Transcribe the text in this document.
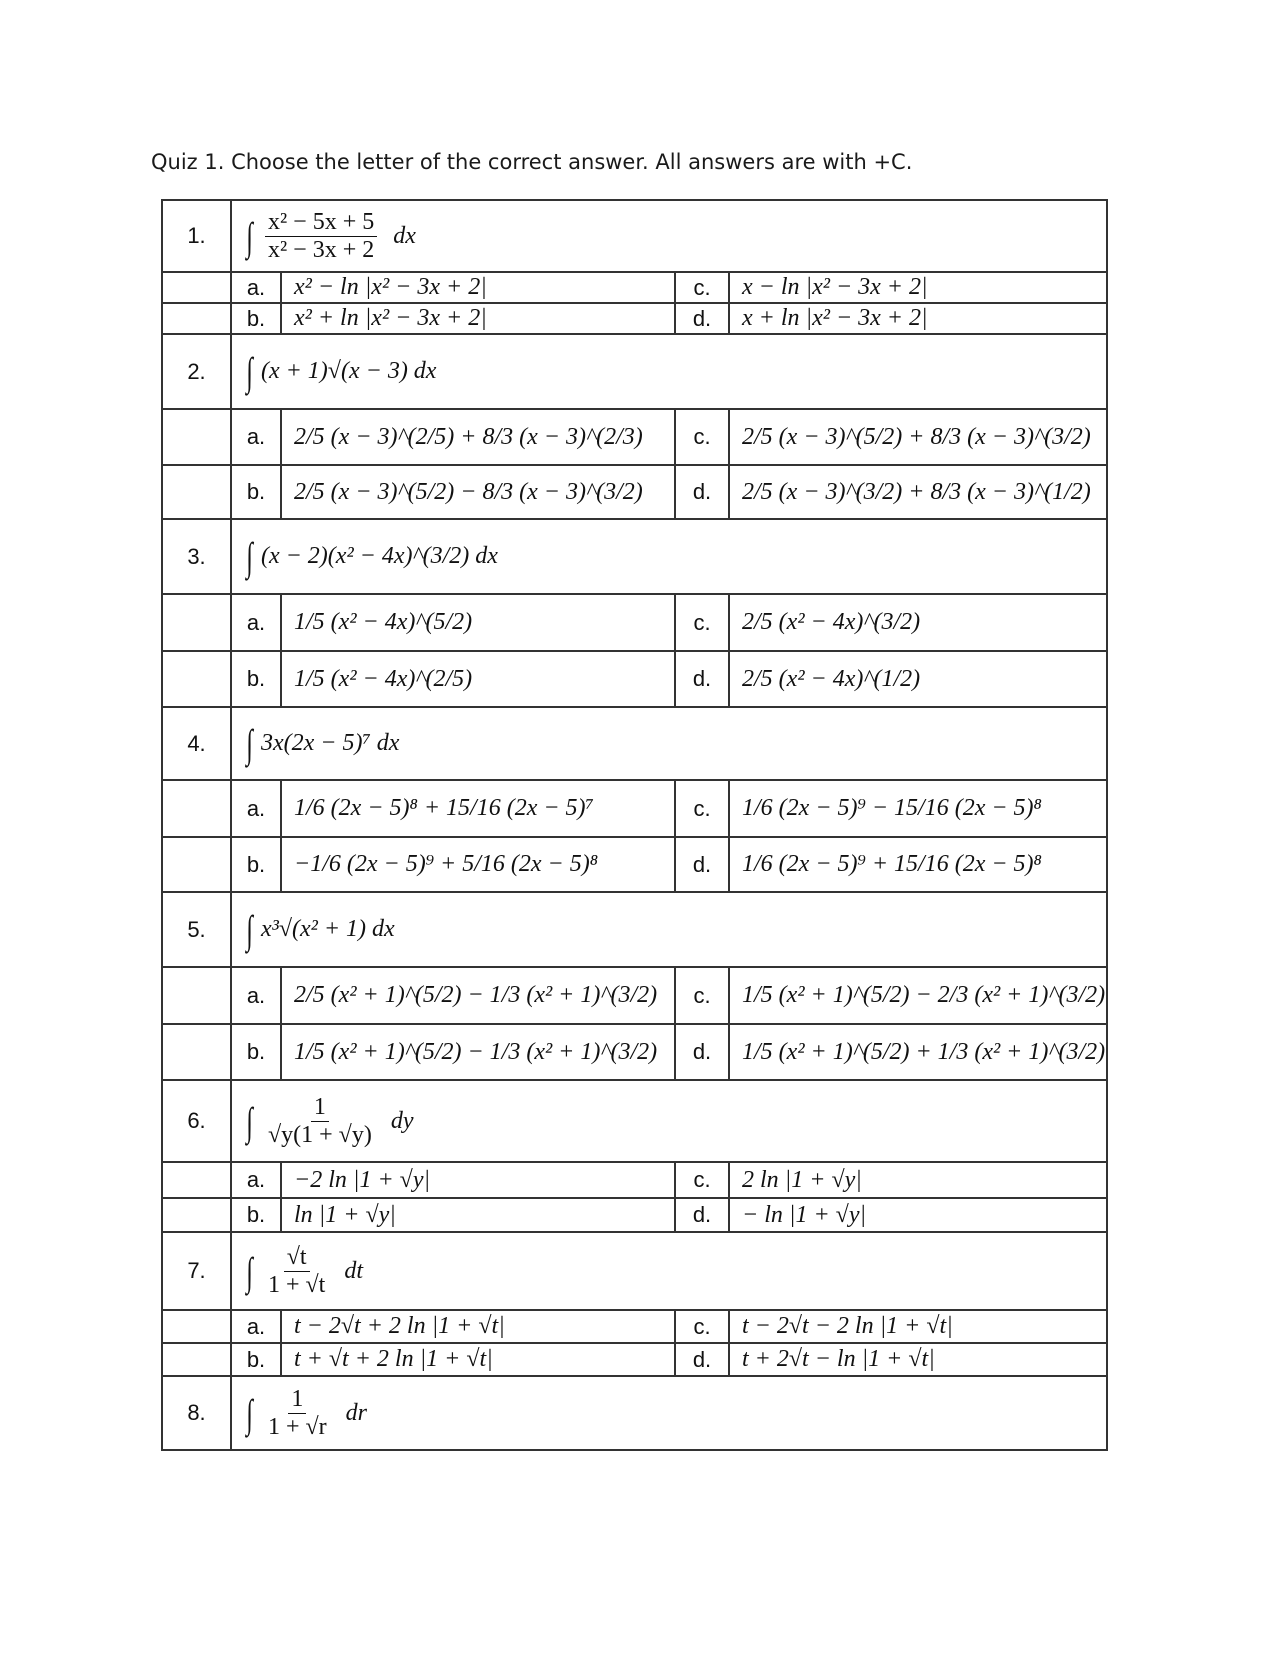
Quiz 1. Choose the letter of the correct answer. All answers are with +C.
1.	∫ $\frac{\text{x² − 5x + 5}}{\text{x² − 3x + 2}}$ dx
a.	x² − ln |x² − 3x + 2|	c.	x − ln |x² − 3x + 2|
b.	x² + ln |x² − 3x + 2|	d.	x + ln |x² − 3x + 2|
2.	∫ (x + 1)√(x − 3) dx
a.	2/5 (x − 3)^(2/5) + 8/3 (x − 3)^(2/3)	c.	2/5 (x − 3)^(5/2) + 8/3 (x − 3)^(3/2)
b.	2/5 (x − 3)^(5/2) − 8/3 (x − 3)^(3/2)	d.	2/5 (x − 3)^(3/2) + 8/3 (x − 3)^(1/2)
3.	∫ (x − 2)(x² − 4x)^(3/2) dx
a.	1/5 (x² − 4x)^(5/2)	c.	2/5 (x² − 4x)^(3/2)
b.	1/5 (x² − 4x)^(2/5)	d.	2/5 (x² − 4x)^(1/2)
4.	∫ 3x(2x − 5)⁷ dx
a.	1/6 (2x − 5)⁸ + 15/16 (2x − 5)⁷	c.	1/6 (2x − 5)⁹ − 15/16 (2x − 5)⁸
b.	−1/6 (2x − 5)⁹ + 5/16 (2x − 5)⁸	d.	1/6 (2x − 5)⁹ + 15/16 (2x − 5)⁸
5.	∫ x³√(x² + 1) dx
a.	2/5 (x² + 1)^(5/2) − 1/3 (x² + 1)^(3/2)	c.	1/5 (x² + 1)^(5/2) − 2/3 (x² + 1)^(3/2)
b.	1/5 (x² + 1)^(5/2) − 1/3 (x² + 1)^(3/2)	d.	1/5 (x² + 1)^(5/2) + 1/3 (x² + 1)^(3/2)
6.	∫ $\frac{1}{√y(1 + √y)}$ dy
a.	−2 ln |1 + √y|	c.	2 ln |1 + √y|
b.	ln |1 + √y|	d.	− ln |1 + √y|
7.	∫ $\frac{√t}{1 + √t}$ dt
a.	t − 2√t + 2 ln |1 + √t|	c.	t − 2√t − 2 ln |1 + √t|
b.	t + √t + 2 ln |1 + √t|	d.	t + 2√t − ln |1 + √t|
8.	∫ $\frac{1}{1 + √r}$ dr
